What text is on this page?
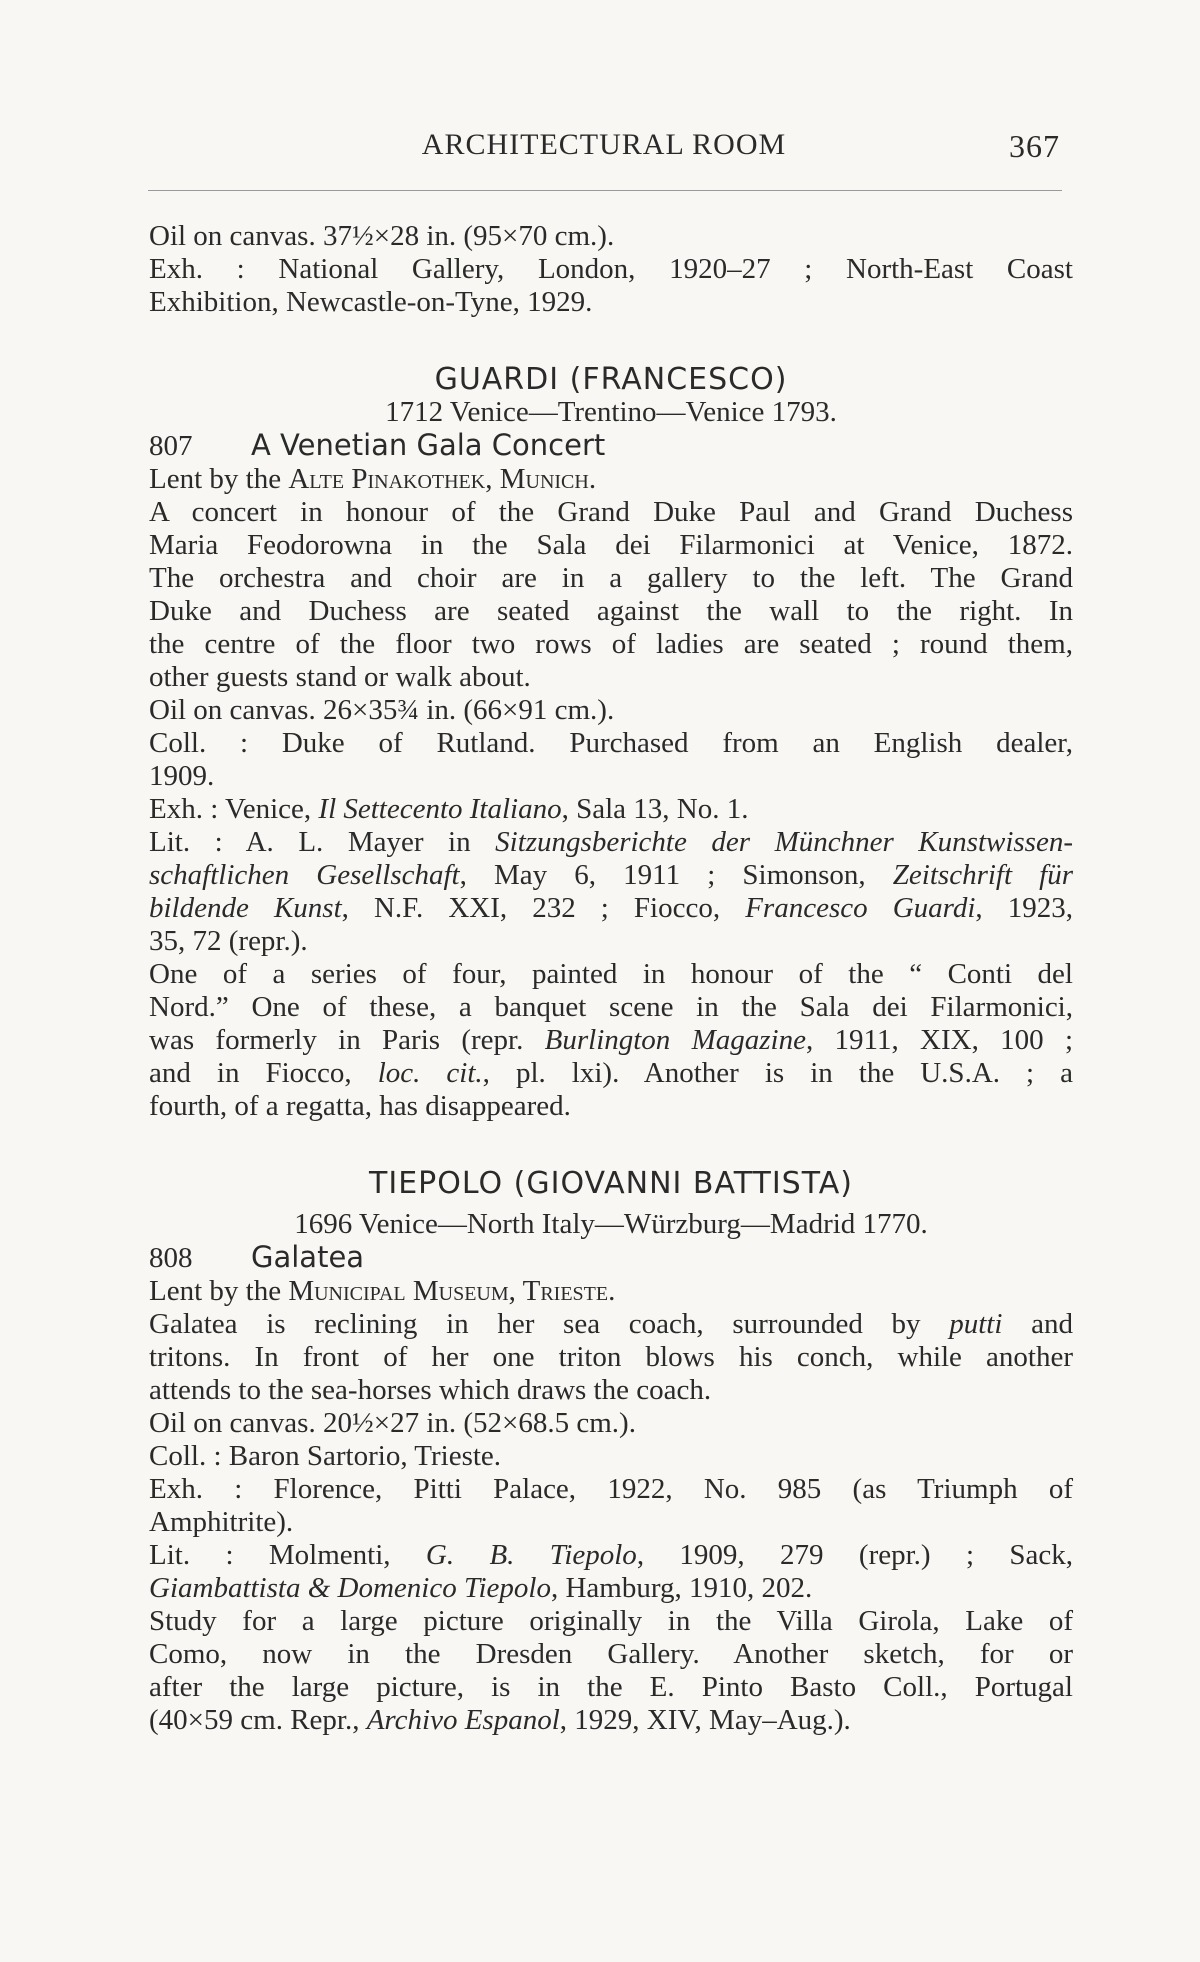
ARCHITECTURAL ROOM	367
Oil on canvas. 37½×28 in. (95×70 cm.).
Exh. : National Gallery, London, 1920–27 ; North-East Coast
Exhibition, Newcastle-on-Tyne, 1929.
GUARDI (FRANCESCO)
1712 Venice—Trentino—Venice 1793.
807 A Venetian Gala Concert
Lent by the Alte Pinakothek, Munich.
A concert in honour of the Grand Duke Paul and Grand Duchess
Maria Feodorowna in the Sala dei Filarmonici at Venice, 1872.
The orchestra and choir are in a gallery to the left. The Grand
Duke and Duchess are seated against the wall to the right. In
the centre of the floor two rows of ladies are seated ; round them,
other guests stand or walk about.
Oil on canvas. 26×35¾ in. (66×91 cm.).
Coll. : Duke of Rutland. Purchased from an English dealer,
1909.
Exh. : Venice, Il Settecento Italiano, Sala 13, No. 1.
Lit. : A. L. Mayer in Sitzungsberichte der Münchner Kunstwissen-
schaftlichen Gesellschaft, May 6, 1911 ; Simonson, Zeitschrift für
bildende Kunst, N.F. XXI, 232 ; Fiocco, Francesco Guardi, 1923,
35, 72 (repr.).
One of a series of four, painted in honour of the “ Conti del
Nord.” One of these, a banquet scene in the Sala dei Filarmonici,
was formerly in Paris (repr. Burlington Magazine, 1911, XIX, 100 ;
and in Fiocco, loc. cit., pl. lxi). Another is in the U.S.A. ; a
fourth, of a regatta, has disappeared.
TIEPOLO (GIOVANNI BATTISTA)
1696 Venice—North Italy—Würzburg—Madrid 1770.
808 Galatea
Lent by the Municipal Museum, Trieste.
Galatea is reclining in her sea coach, surrounded by putti and
tritons. In front of her one triton blows his conch, while another
attends to the sea-horses which draws the coach.
Oil on canvas. 20½×27 in. (52×68.5 cm.).
Coll. : Baron Sartorio, Trieste.
Exh. : Florence, Pitti Palace, 1922, No. 985 (as Triumph of
Amphitrite).
Lit. : Molmenti, G. B. Tiepolo, 1909, 279 (repr.) ; Sack,
Giambattista & Domenico Tiepolo, Hamburg, 1910, 202.
Study for a large picture originally in the Villa Girola, Lake of
Como, now in the Dresden Gallery. Another sketch, for or
after the large picture, is in the E. Pinto Basto Coll., Portugal
(40×59 cm. Repr., Archivo Espanol, 1929, XIV, May–Aug.).
